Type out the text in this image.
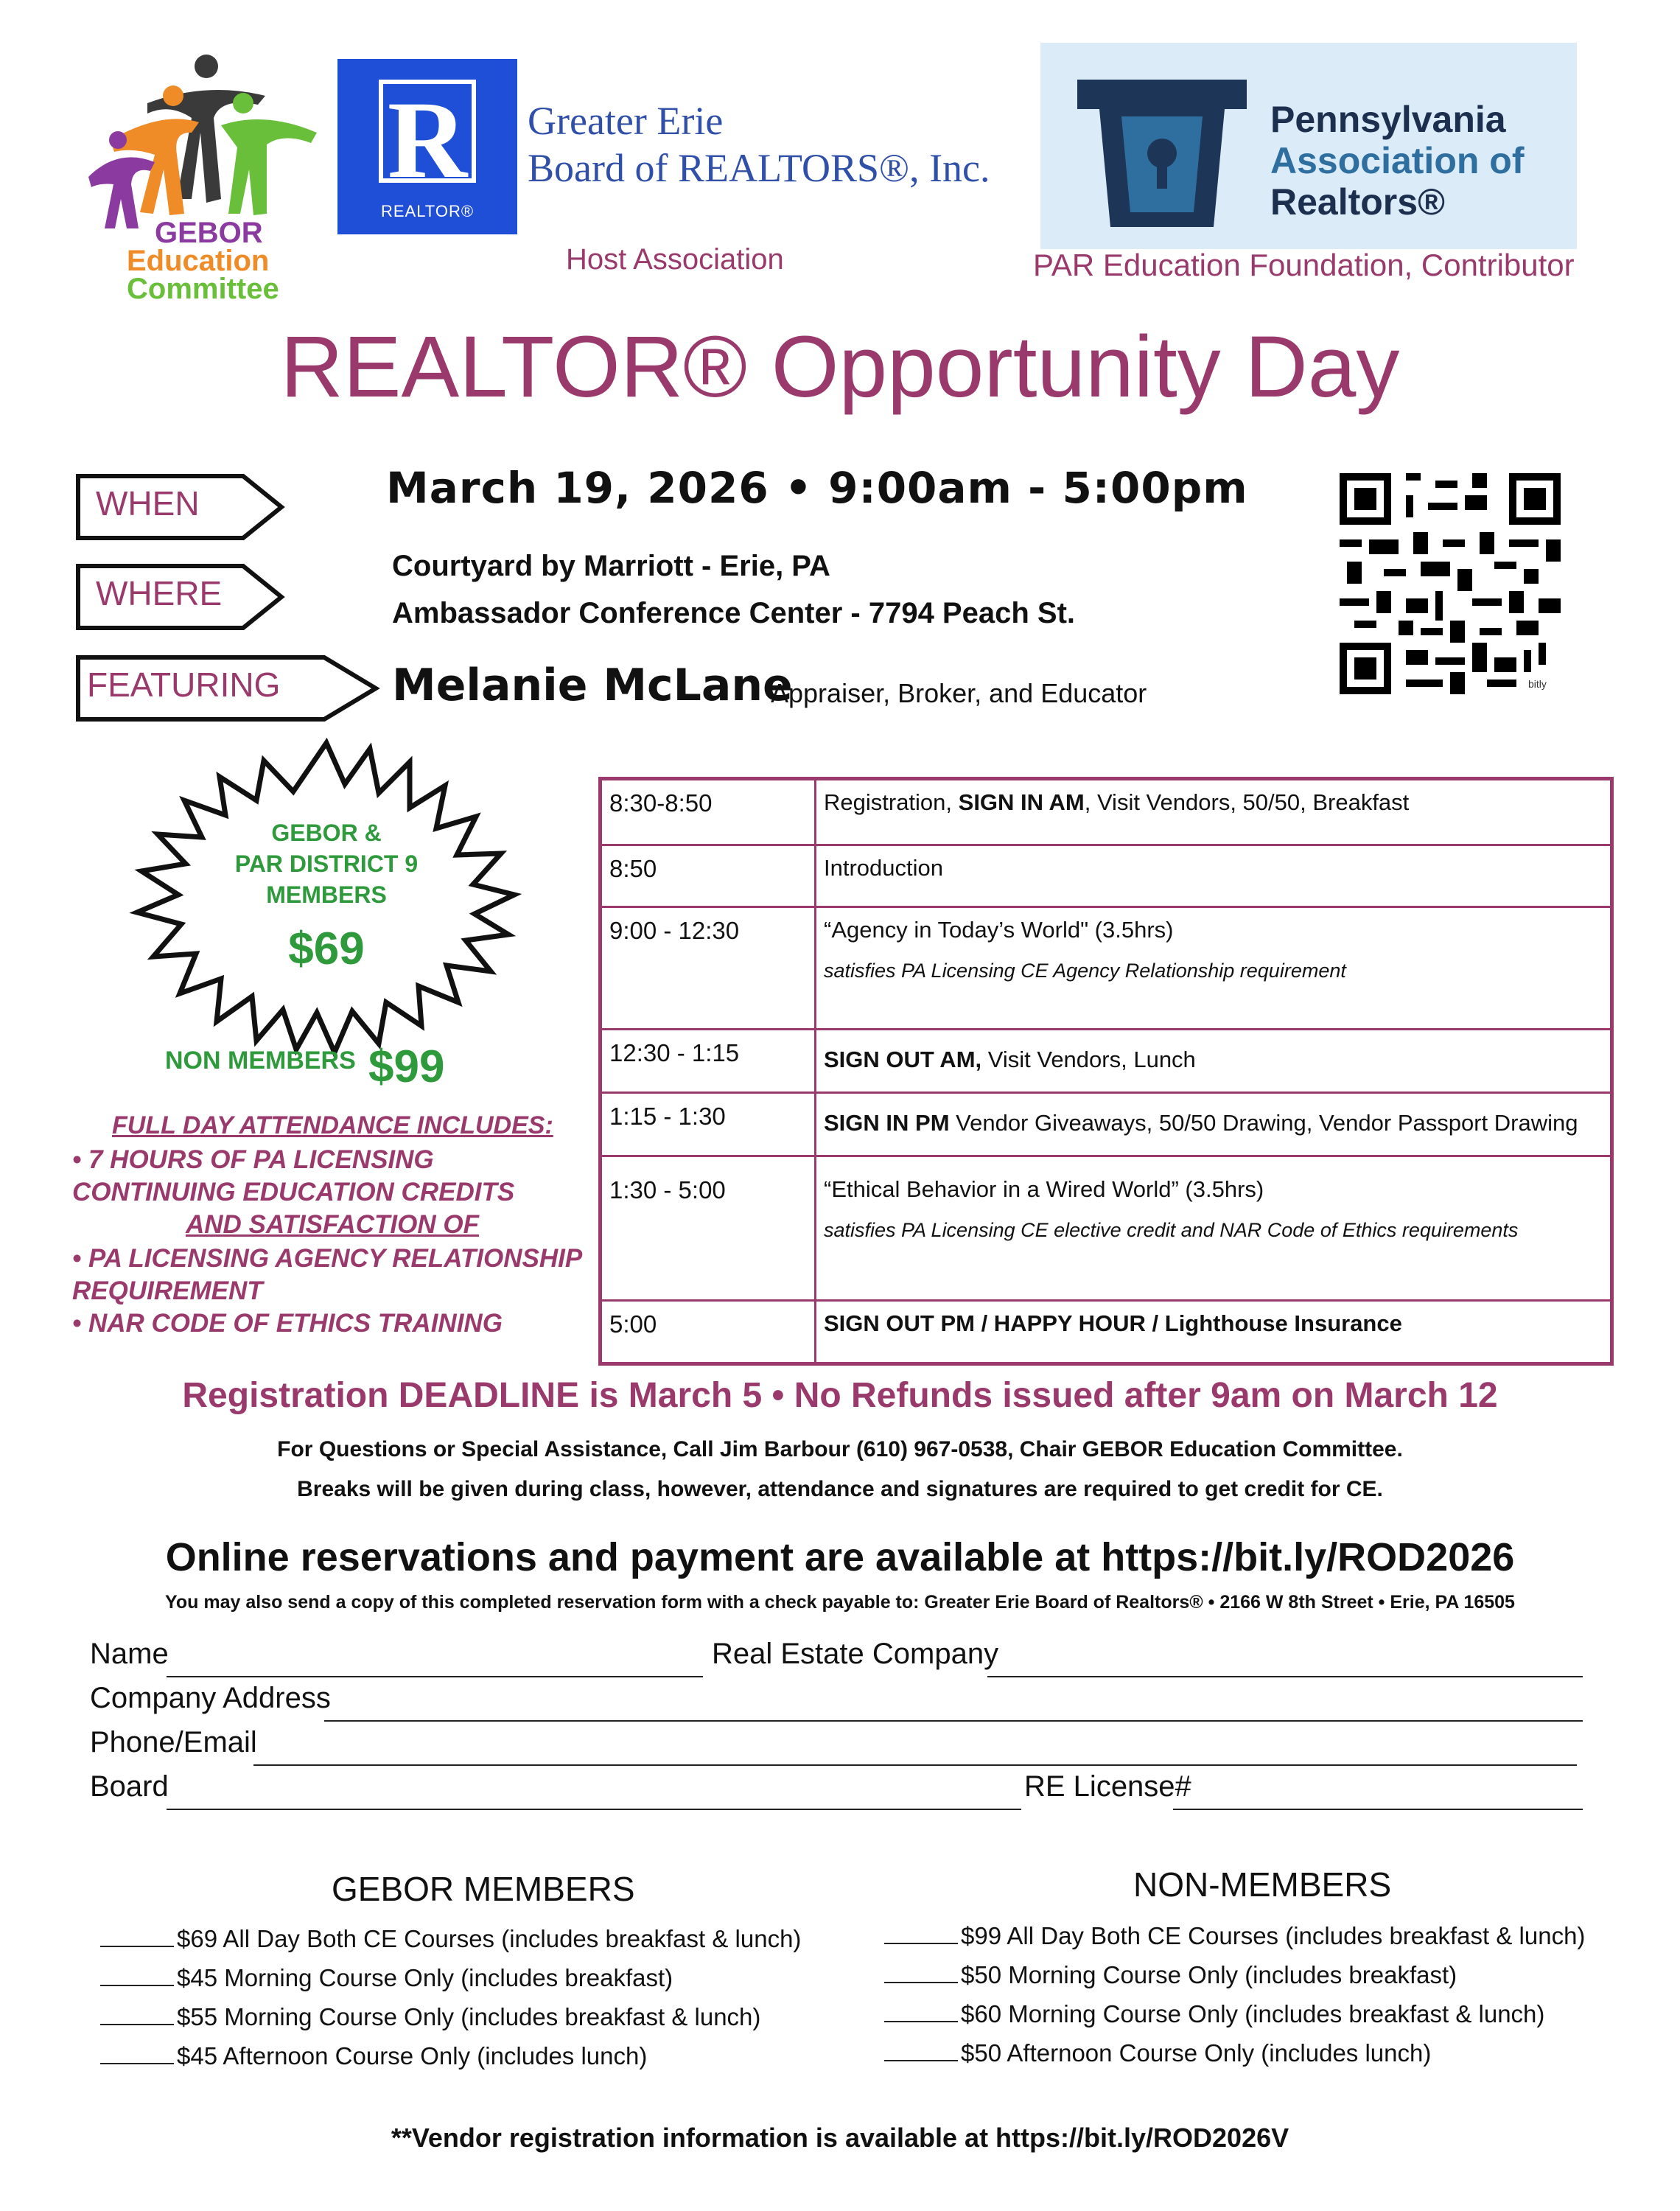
GEBOR
Education
Committee
R
REALTOR®
Greater Erie
Board of REALTORS®, Inc.
Host Association
Pennsylvania
Association of
Realtors®
PAR Education Foundation, Contributor
REALTOR® Opportunity Day
WHEN
WHERE
FEATURING
March 19, 2026 • 9:00am - 5:00pm
Courtyard by Marriott - Erie, PA
Ambassador Conference Center - 7794 Peach St.
Melanie McLane
Appraiser, Broker, and Educator	bitly
GEBOR &
PAR DISTRICT 9
MEMBERS
$69
NON MEMBERS $99
FULL DAY ATTENDANCE INCLUDES:
• 7 HOURS OF PA LICENSING
CONTINUING EDUCATION CREDITS
AND SATISFACTION OF
• PA LICENSING AGENCY RELATIONSHIP
REQUIREMENT
• NAR CODE OF ETHICS TRAINING
8:30-8:50	Registration, SIGN IN AM, Visit Vendors, 50/50, Breakfast
8:50	Introduction
9:00 - 12:30	“Agency in Today’s World" (3.5hrs)
satisfies PA Licensing CE Agency Relationship requirement

12:30 - 1:15	SIGN OUT AM, Visit Vendors, Lunch
1:15 - 1:30	SIGN IN PM Vendor Giveaways, 50/50 Drawing, Vendor Passport Drawing
1:30 - 5:00	“Ethical Behavior in a Wired World” (3.5hrs)
satisfies PA Licensing CE elective credit and NAR Code of Ethics requirements

5:00	SIGN OUT PM / HAPPY HOUR / Lighthouse Insurance
Registration DEADLINE is March 5 • No Refunds issued after 9am on March 12
For Questions or Special Assistance, Call Jim Barbour (610) 967-0538, Chair GEBOR Education Committee.
Breaks will be given during class, however, attendance and signatures are required to get credit for CE.
Online reservations and payment are available at https://bit.ly/ROD2026
You may also send a copy of this completed reservation form with a check payable to: Greater Erie Board of Realtors® • 2166 W 8th Street • Erie, PA 16505
Name	Real Estate Company
Company Address
Phone/Email
Board	RE License#
GEBOR MEMBERS
$69 All Day Both CE Courses (includes breakfast & lunch)
$45 Morning Course Only (includes breakfast)
$55 Morning Course Only (includes breakfast & lunch)
$45 Afternoon Course Only (includes lunch)
NON-MEMBERS
$99 All Day Both CE Courses (includes breakfast & lunch)
$50 Morning Course Only (includes breakfast)
$60 Morning Course Only (includes breakfast & lunch)
$50 Afternoon Course Only (includes lunch)
**Vendor registration information is available at https://bit.ly/ROD2026V
